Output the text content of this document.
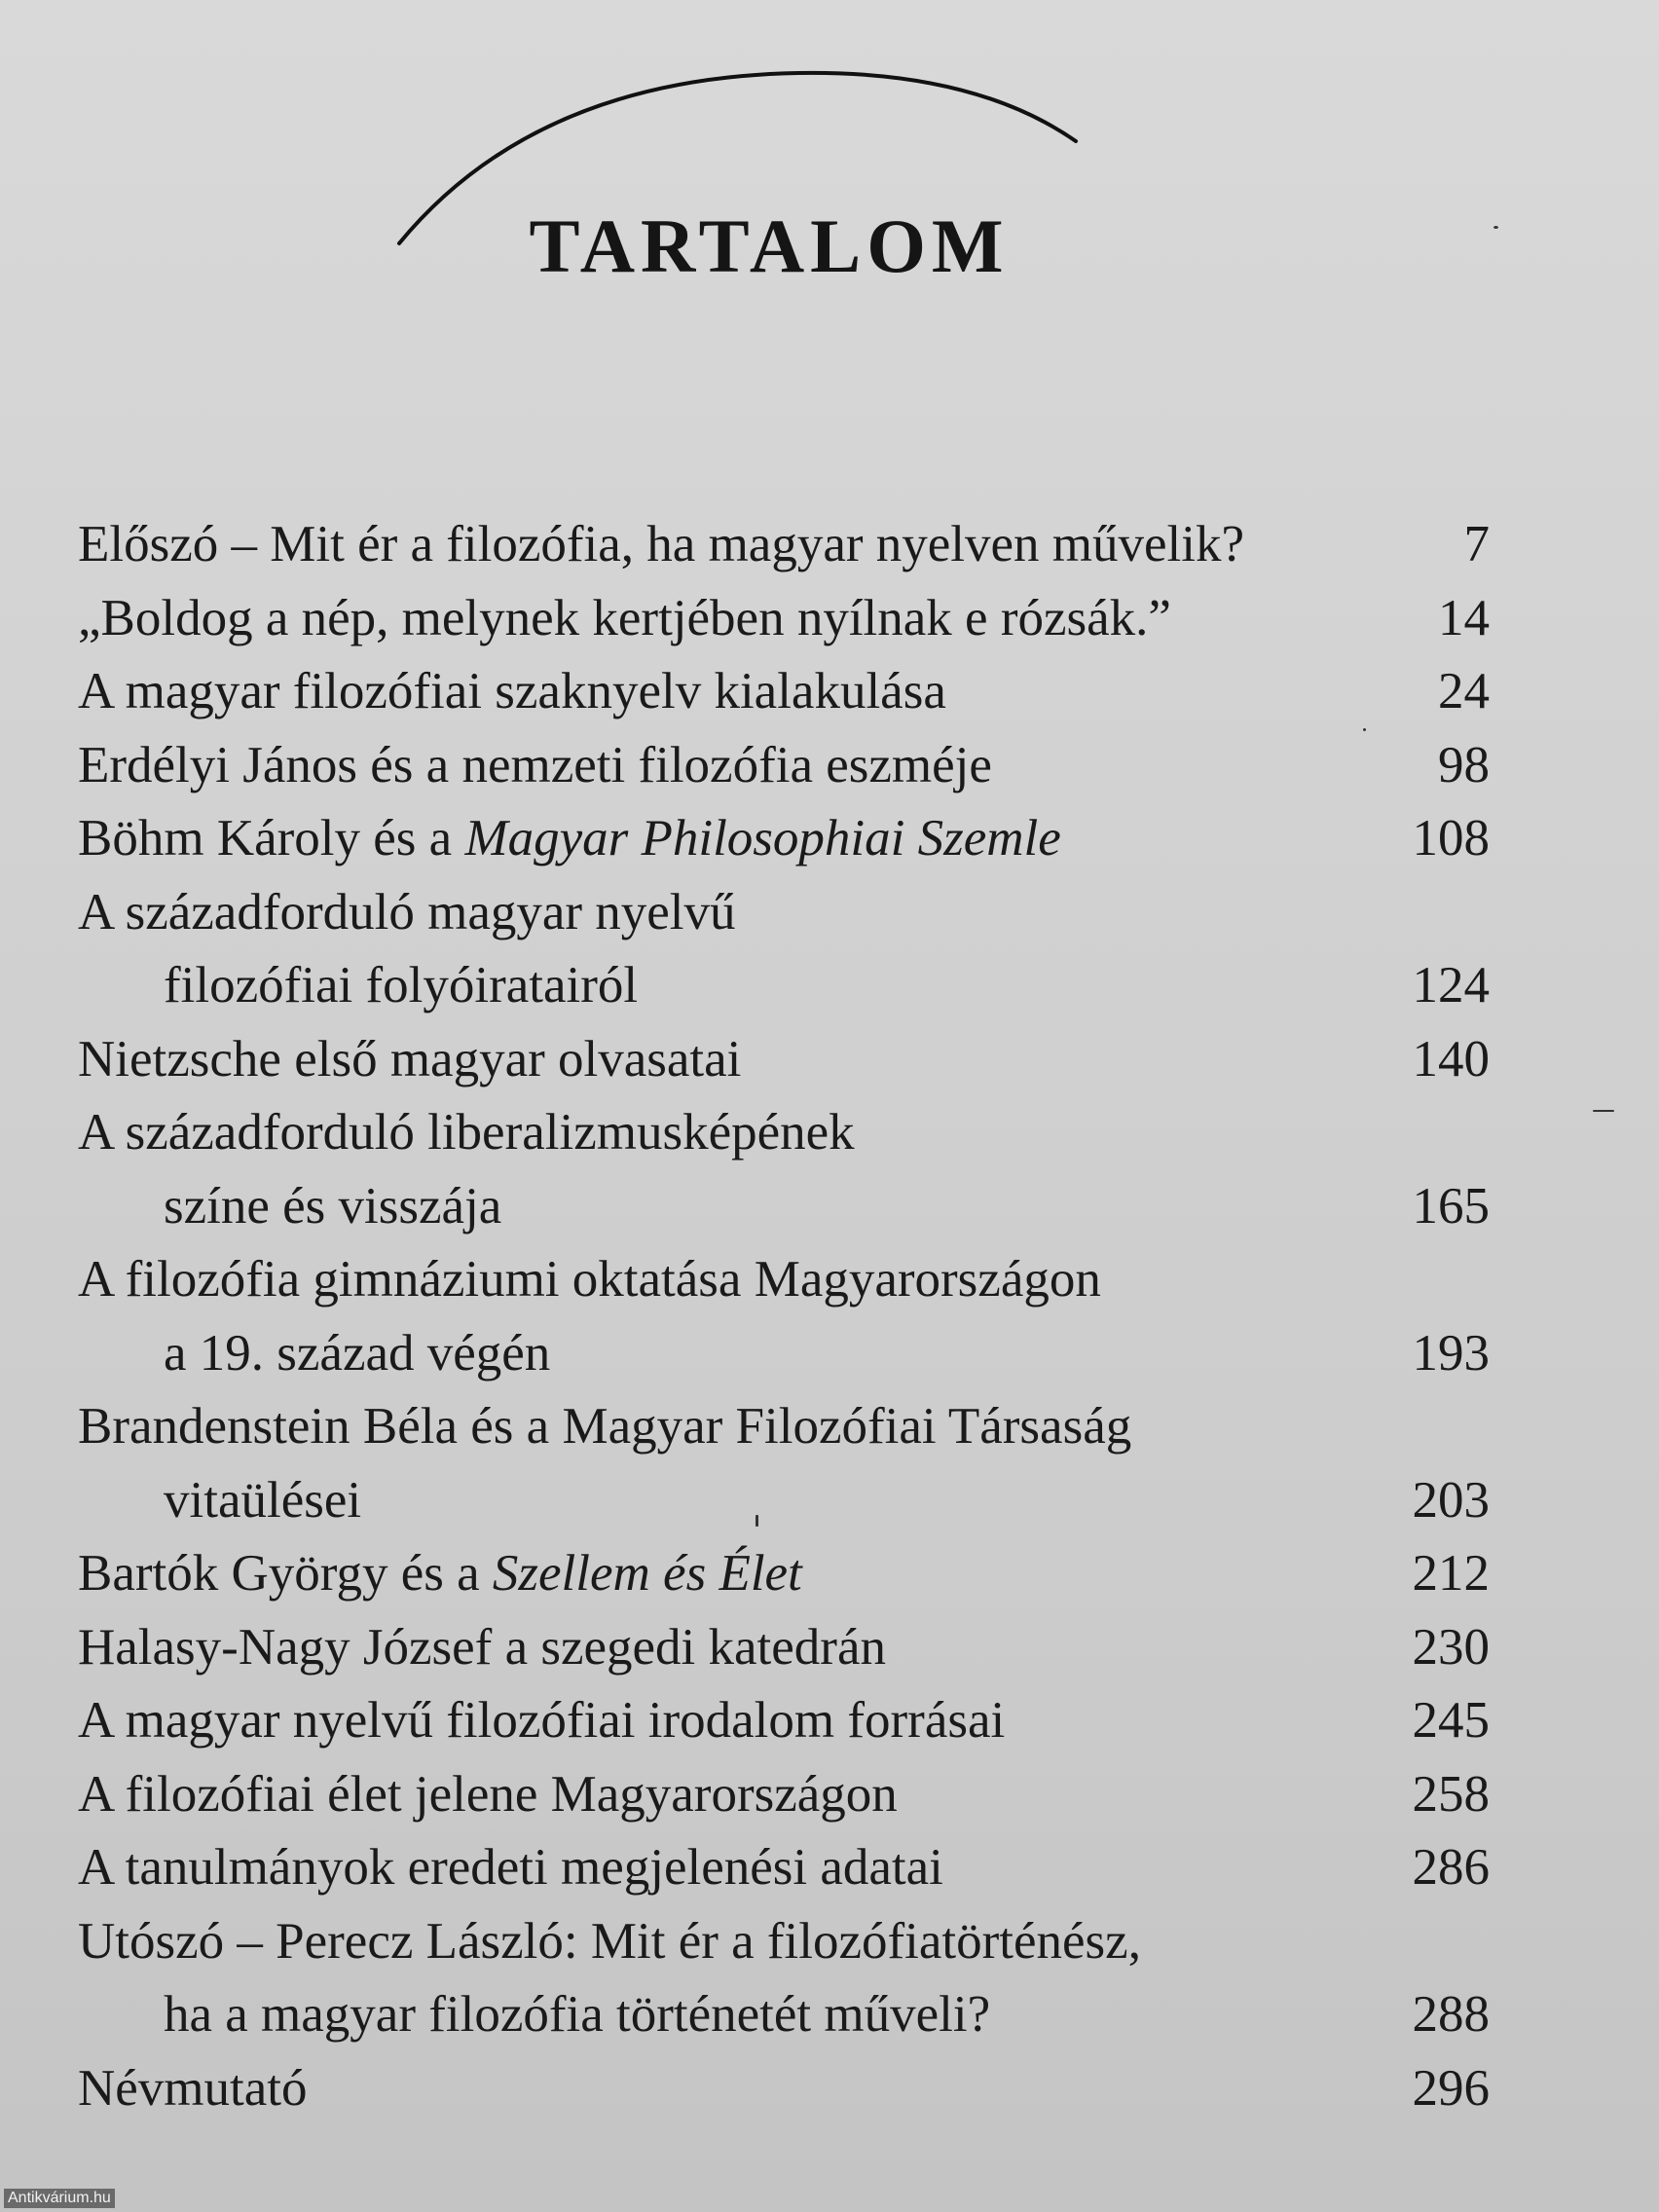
TARTALOM
Előszó – Mit ér a filozófia, ha magyar nyelven művelik?	7
„Boldog a nép, melynek kertjében nyílnak e rózsák.”	14
A magyar filozófiai szaknyelv kialakulása	24
Erdélyi János és a nemzeti filozófia eszméje	98
Böhm Károly és a Magyar Philosophiai Szemle	108
A századforduló magyar nyelvű
filozófiai folyóiratairól	124
Nietzsche első magyar olvasatai	140
A századforduló liberalizmusképének
színe és visszája	165
A filozófia gimnáziumi oktatása Magyarországon
a 19. század végén	193
Brandenstein Béla és a Magyar Filozófiai Társaság
vitaülései	203
Bartók György és a Szellem és Élet	212
Halasy-Nagy József a szegedi katedrán	230
A magyar nyelvű filozófiai irodalom forrásai	245
A filozófiai élet jelene Magyarországon	258
A tanulmányok eredeti megjelenési adatai	286
Utószó – Perecz László: Mit ér a filozófiatörténész,
ha a magyar filozófia történetét műveli?	288
Névmutató	296
Antikvárium.hu
